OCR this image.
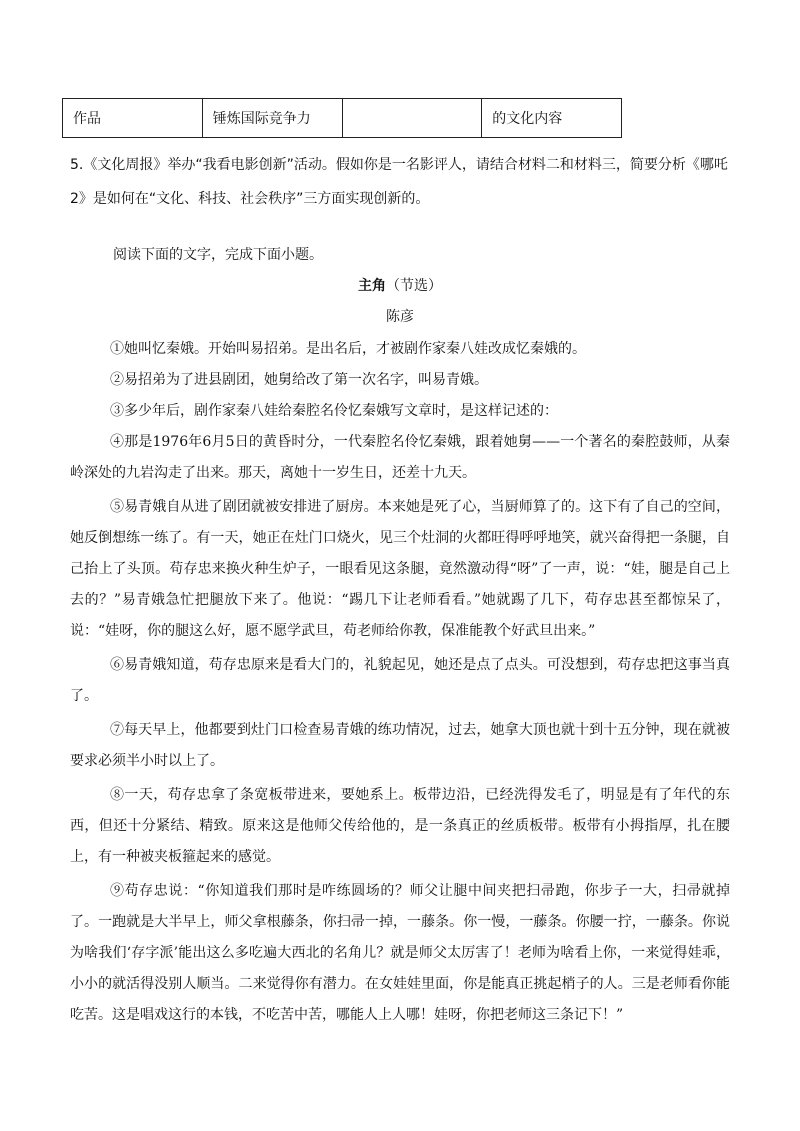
作品	锤炼国际竞争力		的文化内容
5.《文化周报》举办“我看电影创新”活动。假如你是一名影评人，请结合材料二和材料三，简要分析《哪吒2》是如何在“文化、科技、社会秩序”三方面实现创新的。
阅读下面的文字，完成下面小题。
主角（节选）
陈彦

①她叫忆秦娥。开始叫易招弟。是出名后，才被剧作家秦八娃改成忆秦娥的。

②易招弟为了进县剧团，她舅给改了第一次名字，叫易青娥。

③多少年后，剧作家秦八娃给秦腔名伶忆秦娥写文章时，是这样记述的：

④那是1976年6月5日的黄昏时分，一代秦腔名伶忆秦娥，跟着她舅——一个著名的秦腔鼓师，从秦岭深处的九岩沟走了出来。那天，离她十一岁生日，还差十九天。

⑤易青娥自从进了剧团就被安排进了厨房。本来她是死了心，当厨师算了的。这下有了自己的空间，她反倒想练一练了。有一天，她正在灶门口烧火，见三个灶洞的火都旺得呼呼地笑，就兴奋得把一条腿，自己抬上了头顶。苟存忠来换火种生炉子，一眼看见这条腿，竟然激动得“呀”了一声，说：“娃，腿是自己上去的？”易青娥急忙把腿放下来了。他说：“踢几下让老师看看。”她就踢了几下，苟存忠甚至都惊呆了，说：“娃呀，你的腿这么好，愿不愿学武旦，苟老师给你教，保准能教个好武旦出来。”

⑥易青娥知道，苟存忠原来是看大门的，礼貌起见，她还是点了点头。可没想到，苟存忠把这事当真了。

⑦每天早上，他都要到灶门口检查易青娥的练功情况，过去，她拿大顶也就十到十五分钟，现在就被要求必须半小时以上了。

⑧一天，苟存忠拿了条宽板带进来，要她系上。板带边沿，已经洗得发毛了，明显是有了年代的东西，但还十分紧结、精致。原来这是他师父传给他的，是一条真正的丝质板带。板带有小拇指厚，扎在腰上，有一种被夹板箍起来的感觉。

⑨苟存忠说：“你知道我们那时是咋练圆场的？师父让腿中间夹把扫帚跑，你步子一大，扫帚就掉了。一跑就是大半早上，师父拿根藤条，你扫帚一掉，一藤条。你一慢，一藤条。你腰一拧，一藤条。你说为啥我们‘存字派’能出这么多吃遍大西北的名角儿？就是师父太厉害了！老师为啥看上你，一来觉得娃乖，小小的就活得没别人顺当。二来觉得你有潜力。在女娃娃里面，你是能真正挑起梢子的人。三是老师看你能吃苦。这是唱戏这行的本钱，不吃苦中苦，哪能人上人哪！娃呀，你把老师这三条记下！”
